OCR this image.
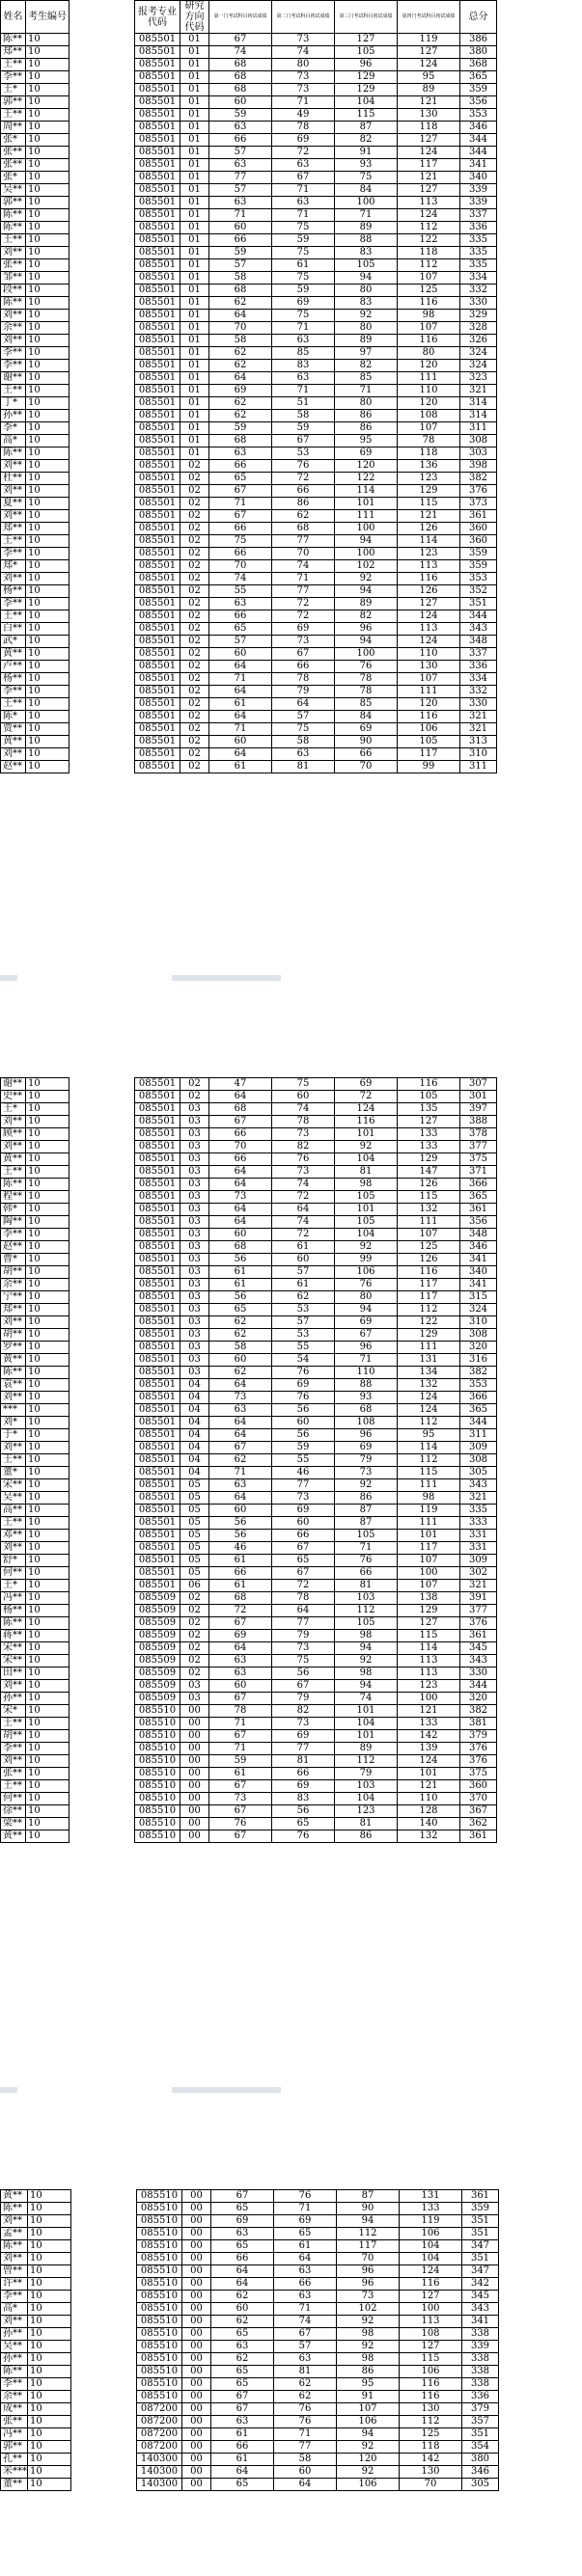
姓名	考生编号		报考专业代码	研究方向代码	第一门考试科目初试成绩	第二门考试科目初试成绩	第三门考试科目初试成绩	第四门考试科目初试成绩	总分
陈**	10		085501	01	67	73	127	119	386
郑**	10		085501	01	74	74	105	127	380
王**	10		085501	01	68	80	96	124	368
李**	10		085501	01	68	73	129	95	365
王*	10		085501	01	68	73	129	89	359
郭**	10		085501	01	60	71	104	121	356
王**	10		085501	01	59	49	115	130	353
周**	10		085501	01	63	78	87	118	346
张*	10		085501	01	66	69	82	127	344
张**	10		085501	01	57	72	91	124	344
张**	10		085501	01	63	63	93	117	341
张*	10		085501	01	77	67	75	121	340
吴**	10		085501	01	57	71	84	127	339
郭**	10		085501	01	63	63	100	113	339
陈**	10		085501	01	71	71	71	124	337
陈**	10		085501	01	60	75	89	112	336
王**	10		085501	01	66	59	88	122	335
刘**	10		085501	01	59	75	83	118	335
张**	10		085501	01	57	61	105	112	335
邹**	10		085501	01	58	75	94	107	334
段**	10		085501	01	68	59	80	125	332
陈**	10		085501	01	62	69	83	116	330
刘**	10		085501	01	64	75	92	98	329
余**	10		085501	01	70	71	80	107	328
刘**	10		085501	01	58	63	89	116	326
李**	10		085501	01	62	85	97	80	324
李**	10		085501	01	62	83	82	120	324
谢**	10		085501	01	64	63	85	111	323
王**	10		085501	01	69	71	71	110	321
丁*	10		085501	01	62	51	80	120	314
孙**	10		085501	01	62	58	86	108	314
李*	10		085501	01	59	59	86	107	311
高*	10		085501	01	68	67	95	78	308
陈**	10		085501	01	63	53	69	118	303
刘**	10		085501	02	66	76	120	136	398
杜**	10		085501	02	65	72	122	123	382
刘**	10		085501	02	67	66	114	129	376
夏**	10		085501	02	71	86	101	115	373
刘**	10		085501	02	67	62	111	121	361
郑**	10		085501	02	66	68	100	126	360
王**	10		085501	02	75	77	94	114	360
李**	10		085501	02	66	70	100	123	359
郑*	10		085501	02	70	74	102	113	359
刘**	10		085501	02	74	71	92	116	353
杨**	10		085501	02	55	77	94	126	352
李**	10		085501	02	63	72	89	127	351
王**	10		085501	02	66	72	82	124	344
白**	10		085501	02	65	69	96	113	343
武*	10		085501	02	57	73	94	124	348
黄**	10		085501	02	60	67	100	110	337
卢**	10		085501	02	64	66	76	130	336
杨**	10		085501	02	71	78	78	107	334
李**	10		085501	02	64	79	78	111	332
王**	10		085501	02	61	64	85	120	330
陈*	10		085501	02	64	57	84	116	321
贾**	10		085501	02	71	75	69	106	321
黄**	10		085501	02	60	58	90	105	313
刘**	10		085501	02	64	63	66	117	310
赵**	10		085501	02	61	81	70	99	311
谢**	10		085501	02	47	75	69	116	307
史**	10		085501	02	64	60	72	105	301
王*	10		085501	03	68	74	124	135	397
刘**	10		085501	03	67	78	116	127	388
顾**	10		085501	03	66	73	101	133	378
刘**	10		085501	03	70	82	92	133	377
黄**	10		085501	03	66	76	104	129	375
王**	10		085501	03	64	73	81	147	371
陈**	10		085501	03	64	74	98	126	366
程**	10		085501	03	73	72	105	115	365
韩*	10		085501	03	64	64	101	132	361
陶**	10		085501	03	64	74	105	111	356
李**	10		085501	03	60	72	104	107	348
赵**	10		085501	03	68	61	92	125	346
曹*	10		085501	03	56	60	99	126	341
胡**	10		085501	03	61	57	106	116	340
余**	10		085501	03	61	61	76	117	341
宁**	10		085501	03	56	62	80	117	315
郑**	10		085501	03	65	53	94	112	324
刘**	10		085501	03	62	57	69	122	310
胡**	10		085501	03	62	53	67	129	308
罗**	10		085501	03	58	55	96	111	320
黄**	10		085501	03	60	54	71	131	316
陈**	10		085501	03	62	76	110	134	382
袁**	10		085501	04	64	69	88	132	353
刘**	10		085501	04	73	76	93	124	366
***	10		085501	04	63	56	68	124	365
刘*	10		085501	04	64	60	108	112	344
于*	10		085501	04	64	56	96	95	311
刘**	10		085501	04	67	59	69	114	309
王**	10		085501	04	62	55	79	112	308
董*	10		085501	04	71	46	73	115	305
宋**	10		085501	05	63	77	92	111	343
吴**	10		085501	05	64	73	86	98	321
高**	10		085501	05	60	69	87	119	335
王**	10		085501	05	56	60	87	111	333
邓**	10		085501	05	56	66	105	101	331
刘**	10		085501	05	46	67	71	117	331
舒*	10		085501	05	61	65	76	107	309
何**	10		085501	05	66	67	66	100	302
王*	10		085501	06	61	72	81	107	321
冯**	10		085509	02	68	78	103	138	391
杨**	10		085509	02	72	64	112	129	377
陈**	10		085509	02	67	77	105	127	376
蒋**	10		085509	02	69	79	98	115	361
宋**	10		085509	02	64	73	94	114	345
宋**	10		085509	02	63	75	92	113	343
田**	10		085509	02	63	56	98	113	330
刘**	10		085509	03	60	67	94	123	344
孙**	10		085509	03	67	79	74	100	320
宋*	10		085510	00	78	82	101	121	382
王**	10		085510	00	71	73	104	133	381
胡**	10		085510	00	67	69	101	142	379
李**	10		085510	00	71	77	89	139	376
刘**	10		085510	00	59	81	112	124	376
张**	10		085510	00	61	66	79	101	375
王**	10		085510	00	67	69	103	121	360
何**	10		085510	00	73	83	104	110	370
徐**	10		085510	00	67	56	123	128	367
梁**	10		085510	00	76	65	81	140	362
黄**	10		085510	00	67	76	86	132	361
黄**	10		085510	00	67	76	87	131	361
陈**	10		085510	00	65	71	90	133	359
刘**	10		085510	00	69	69	94	119	351
孟**	10		085510	00	63	65	112	106	351
陈**	10		085510	00	65	61	117	104	347
刘**	10		085510	00	66	64	70	104	351
曾**	10		085510	00	64	63	96	124	347
许**	10		085510	00	64	66	96	116	342
李**	10		085510	00	62	63	73	127	345
高*	10		085510	00	60	71	102	100	343
刘**	10		085510	00	62	74	92	113	341
孙**	10		085510	00	65	67	98	108	338
吴**	10		085510	00	63	57	92	127	339
孙**	10		085510	00	62	63	98	115	338
陈**	10		085510	00	65	81	86	106	338
李**	10		085510	00	65	62	95	116	338
余**	10		085510	00	67	62	91	116	336
成**	10		087200	00	67	76	107	130	379
张**	10		087200	00	63	76	106	112	357
冯**	10		087200	00	61	71	94	125	351
郭**	10		087200	00	66	77	92	118	354
孔**	10		140300	00	61	58	120	142	380
米***	10		140300	00	64	60	92	130	346
董**	10		140300	00	65	64	106	70	305
